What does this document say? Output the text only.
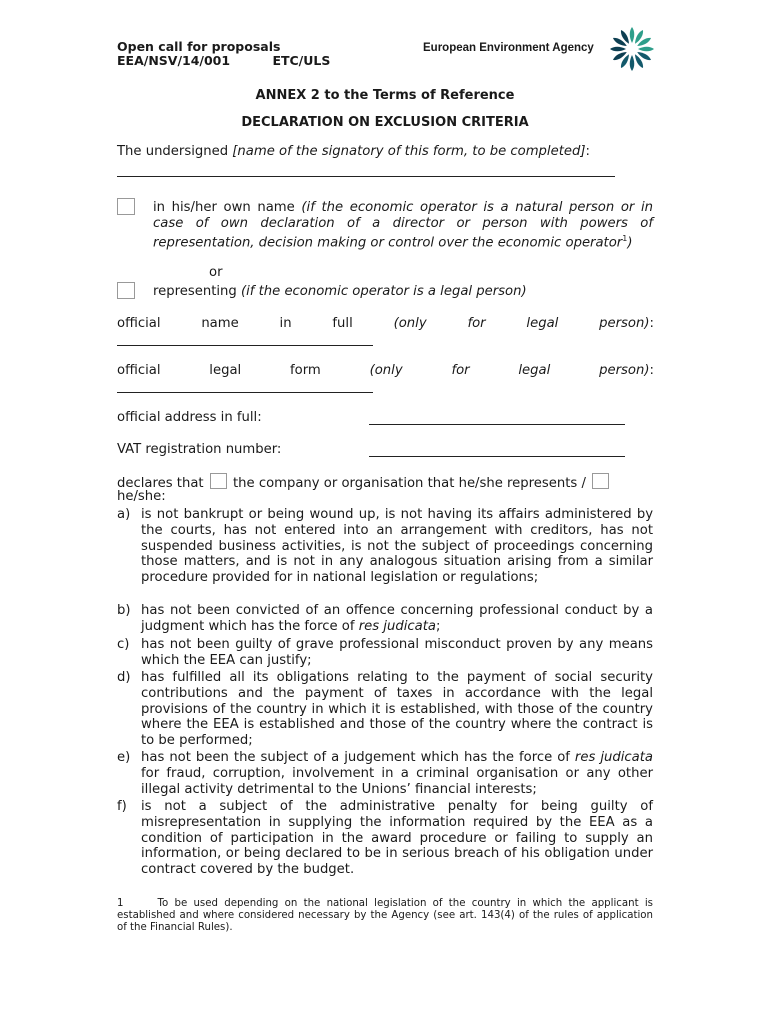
Open call for proposals
EEA/NSV/14/001	ETC/ULS
European Environment Agency
ANNEX 2 to the Terms of Reference
DECLARATION ON EXCLUSION CRITERIA
The undersigned [name of the signatory of this form, to be completed]:
in his/her own name (if the economic operator is a natural person or in case of own declaration of a director or person with powers of representation, decision making or control over the economic operator$^1$)
or
representing (if the economic operator is a legal person)
official	name	in	full	(only	for	legal	person):
official	legal	form	(only	for	legal	person):
official address in full:
VAT registration number:
declares that the company or organisation that he/she represents /
he/she:
a) is not bankrupt or being wound up, is not having its affairs administered by the courts, has not entered into an arrangement with creditors, has not suspended business activities, is not the subject of proceedings concerning those matters, and is not in any analogous situation arising from a similar procedure provided for in national legislation or regulations;
b) has not been convicted of an offence concerning professional conduct by a judgment which has the force of res judicata;
c) has not been guilty of grave professional misconduct proven by any means which the EEA can justify;
d) has fulfilled all its obligations relating to the payment of social security contributions and the payment of taxes in accordance with the legal provisions of the country in which it is established, with those of the country where the EEA is established and those of the country where the contract is to be performed;
e) has not been the subject of a judgement which has the force of res judicata for fraud, corruption, involvement in a criminal organisation or any other illegal activity detrimental to the Unions’ financial interests;
f) is not a subject of the administrative penalty for being guilty of misrepresentation in supplying the information required by the EEA as a condition of participation in the award procedure or failing to supply an information, or being declared to be in serious breach of his obligation under contract covered by the budget.
1	To be used depending on the national legislation of the country in which the applicant is established and where considered necessary by the Agency (see art. 143(4) of the rules of application of the Financial Rules).
